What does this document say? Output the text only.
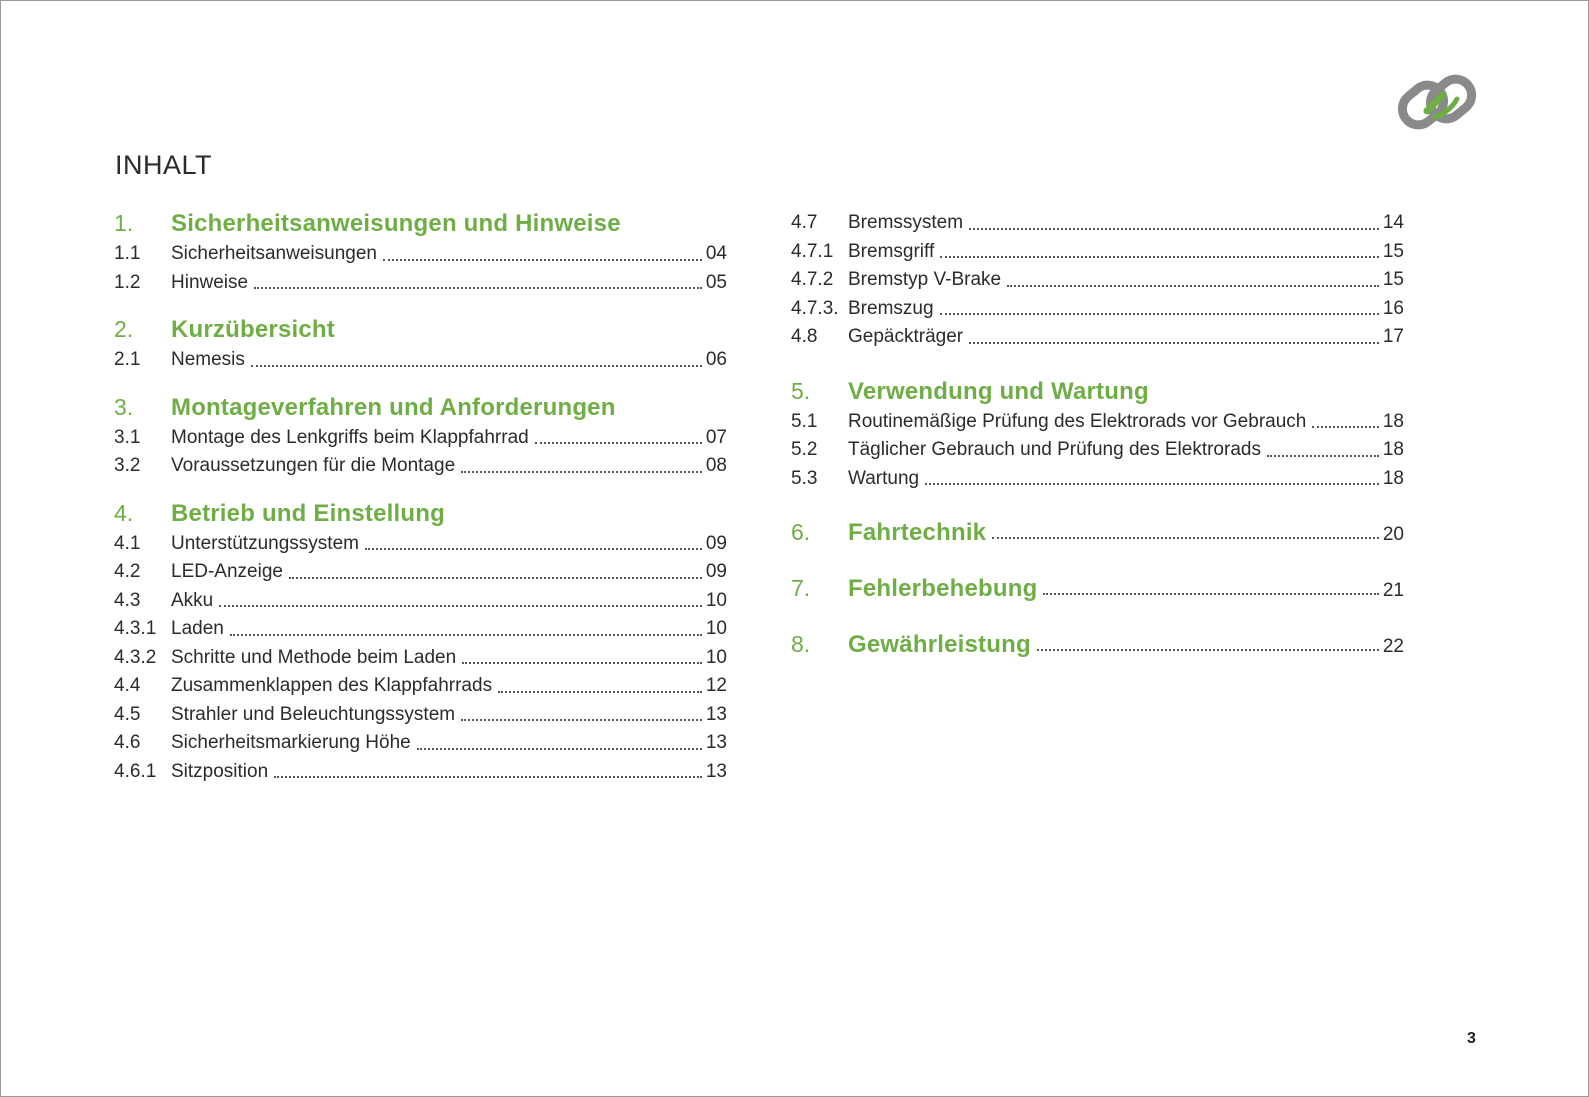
INHALT
1.	Sicherheitsanweisungen und Hinweise
1.1	Sicherheitsanweisungen	04
1.2	Hinweise	05
2.	Kurzübersicht
2.1	Nemesis	06
3.	Montageverfahren und Anforderungen
3.1	Montage des Lenkgriffs beim Klappfahrrad	07
3.2	Voraussetzungen für die Montage	08
4.	Betrieb und Einstellung
4.1	Unterstützungssystem	09
4.2	LED-Anzeige	09
4.3	Akku	10
4.3.1 Laden	10
4.3.2 Schritte und Methode beim Laden	10
4.4	Zusammenklappen des Klappfahrrads	12
4.5	Strahler und Beleuchtungssystem	13
4.6	Sicherheitsmarkierung Höhe	13
4.6.1 Sitzposition	13
4.7	Bremssystem	14
4.7.1 Bremsgriff	15
4.7.2 Bremstyp V-Brake	15
4.7.3. Bremszug	16
4.8	Gepäckträger	17
5.	Verwendung und Wartung
5.1	Routinemäßige Prüfung des Elektrorads vor Gebrauch	18
5.2	Täglicher Gebrauch und Prüfung des Elektrorads	18
5.3	Wartung	18
6.	Fahrtechnik	20
7.	Fehlerbehebung	21
8.	Gewährleistung	22
3
